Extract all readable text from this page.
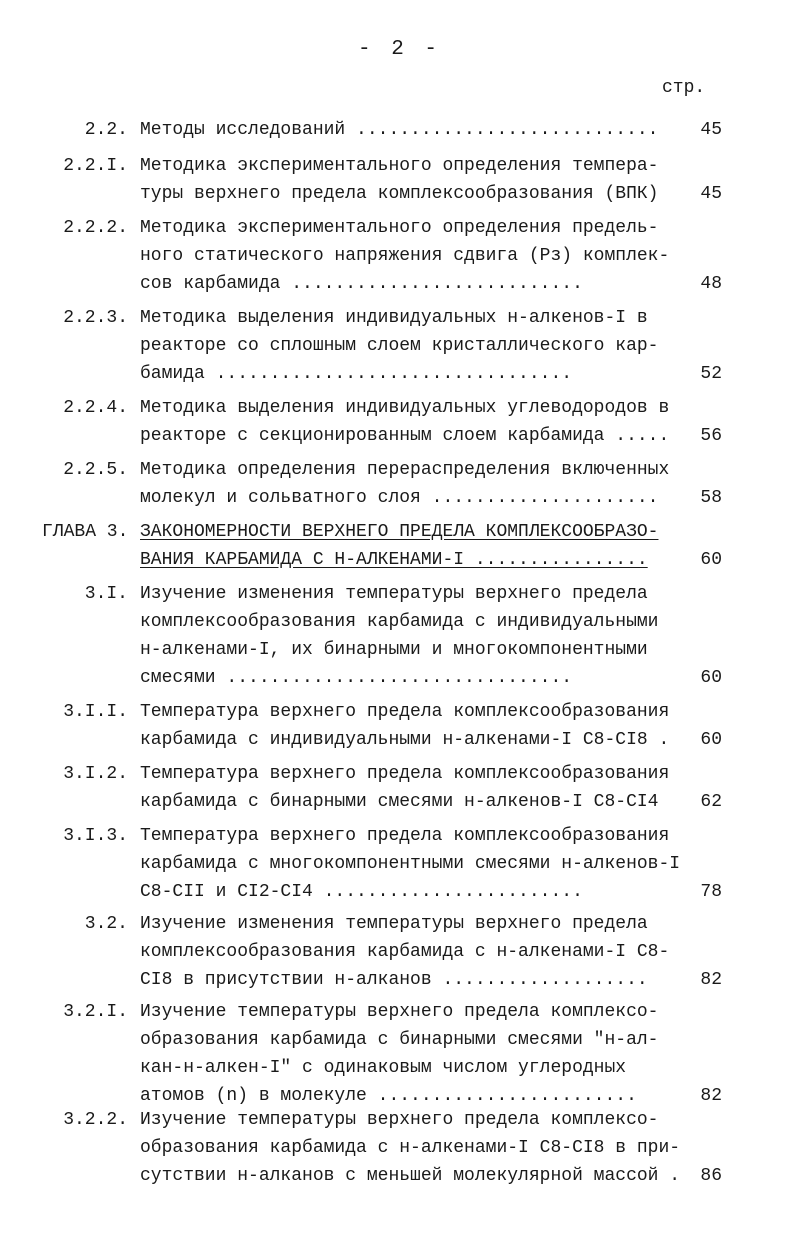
- 2 -
стр.
2.2. Методы исследований ............................	45
2.2.I. Методика экспериментального определения темпера-
туры верхнего предела комплексообразования (ВПК)	45
2.2.2. Методика экспериментального определения предель-
ного статического напряжения сдвига (Pз) комплек-
сов карбамида ...........................	48
2.2.3. Методика выделения индивидуальных н-алкенов-I в
реакторе со сплошным слоем кристаллического кар-
бамида .................................	52
2.2.4. Методика выделения индивидуальных углеводородов в
реакторе с секционированным слоем карбамида .....	56
2.2.5. Методика определения перераспределения включенных
молекул и сольватного слоя .....................	58
ГЛАВА 3. ЗАКОНОМЕРНОСТИ ВЕРХНЕГО ПРЕДЕЛА КОМПЛЕКСООБРАЗО-
ВАНИЯ КАРБАМИДА С Н-АЛКЕНАМИ-I ................	60
3.I. Изучение изменения температуры верхнего предела
комплексообразования карбамида с индивидуальными
н-алкенами-I, их бинарными и многокомпонентными
смесями ................................	60
3.I.I. Температура верхнего предела комплексообразования
карбамида с индивидуальными н-алкенами-I C8-CI8 .	60
3.I.2. Температура верхнего предела комплексообразования
карбамида с бинарными смесями н-алкенов-I C8-CI4	62
3.I.3. Температура верхнего предела комплексообразования
карбамида с многокомпонентными смесями н-алкенов-I
C8-CII и CI2-CI4 ........................	78
3.2. Изучение изменения температуры верхнего предела
комплексообразования карбамида с н-алкенами-I C8-
CI8 в присутствии н-алканов ...................	82
3.2.I. Изучение температуры верхнего предела комплексо-
образования карбамида с бинарными смесями "н-ал-
кан-н-алкен-I" с одинаковым числом углеродных
атомов (n) в молекуле ........................	82
3.2.2. Изучение температуры верхнего предела комплексо-
образования карбамида с н-алкенами-I C8-CI8 в при-
сутствии н-алканов с меньшей молекулярной массой .	86
